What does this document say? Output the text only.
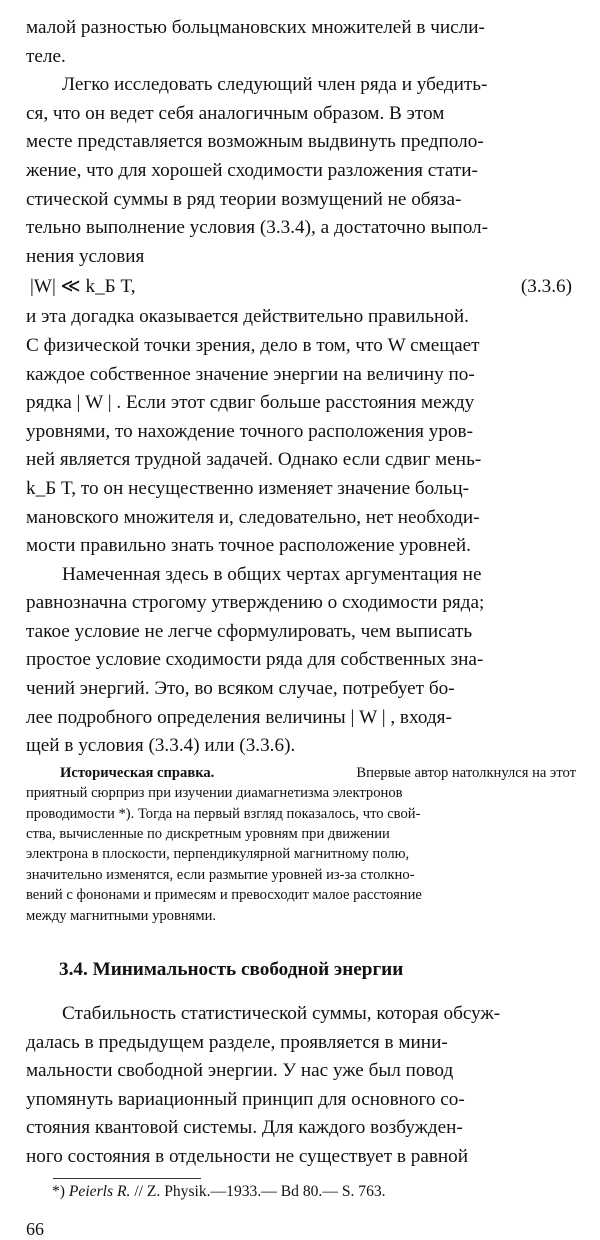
малой разностью больцмановских множителей в числи-
теле.
Легко исследовать следующий член ряда и убедить-
ся, что он ведет себя аналогичным образом. В этом
месте представляется возможным выдвинуть предполо-
жение, что для хорошей сходимости разложения стати-
стической суммы в ряд теории возмущений не обяза-
тельно выполнение условия (3.3.4), а достаточно выпол-
нения условия
|W| ≪ k_Б T,	(3.3.6)
и эта догадка оказывается действительно правильной.
С физической точки зрения, дело в том, что W смещает
каждое собственное значение энергии на величину по-
рядка | W | . Если этот сдвиг больше расстояния между
уровнями, то нахождение точного расположения уров-
ней является трудной задачей. Однако если сдвиг мень-
k_Б T, то он несущественно изменяет значение больц-
мановского множителя и, следовательно, нет необходи-
мости правильно знать точное расположение уровней.
Намеченная здесь в общих чертах аргументация не
равнозначна строгому утверждению о сходимости ряда;
такое условие не легче сформулировать, чем выписать
простое условие сходимости ряда для собственных зна-
чений энергий. Это, во всяком случае, потребует бо-
лее подробного определения величины | W | , входя-
щей в условия (3.3.4) или (3.3.6).
Историческая справка.	Впервые автор натолкнулся на этот
приятный сюрприз при изучении диамагнетизма электронов
проводимости *). Тогда на первый взгляд показалось, что свой-
ства, вычисленные по дискретным уровням при движении
электрона в плоскости, перпендикулярной магнитному полю,
значительно изменятся, если размытие уровней из-за столкно-
вений с фононами и примесям и превосходит малое расстояние
между магнитными уровнями.
3.4. Минимальность свободной энергии
Стабильность статистической суммы, которая обсуж-
далась в предыдущем разделе, проявляется в мини-
мальности свободной энергии. У нас уже был повод
упомянуть вариационный принцип для основного со-
стояния квантовой системы. Для каждого возбужден-
ного состояния в отдельности не существует в равной
*) Peierls R. // Z. Physik.—1933.— Bd 80.— S. 763.
66
